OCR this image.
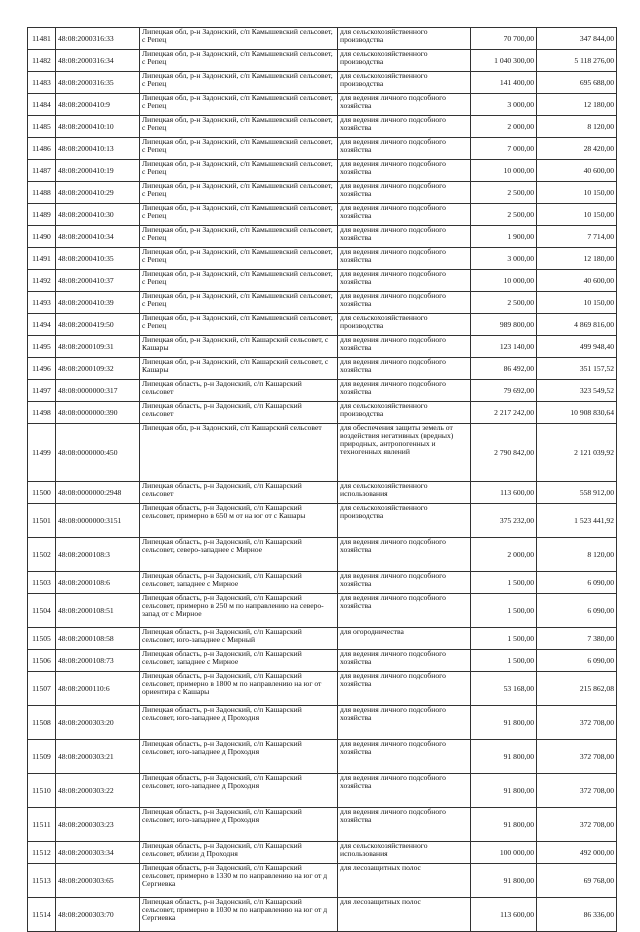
11481	48:08:2000316:33	Липецкая обл, р-н Задонский, с/п Камышевский сельсовет, с Репец	для сельскохозяйственного производства	70 700,00	347 844,00
11482	48:08:2000316:34	Липецкая обл, р-н Задонский, с/п Камышевский сельсовет, с Репец	для сельскохозяйственного производства	1 040 300,00	5 118 276,00
11483	48:08:2000316:35	Липецкая обл, р-н Задонский, с/п Камышевский сельсовет, с Репец	для сельскохозяйственного производства	141 400,00	695 688,00
11484	48:08:2000410:9	Липецкая обл, р-н Задонский, с/п Камышевский сельсовет, с Репец	для ведения личного подсобного хозяйства	3 000,00	12 180,00
11485	48:08:2000410:10	Липецкая обл, р-н Задонский, с/п Камышевский сельсовет, с Репец	для ведения личного подсобного хозяйства	2 000,00	8 120,00
11486	48:08:2000410:13	Липецкая обл, р-н Задонский, с/п Камышевский сельсовет, с Репец	для ведения личного подсобного хозяйства	7 000,00	28 420,00
11487	48:08:2000410:19	Липецкая обл, р-н Задонский, с/п Камышевский сельсовет, с Репец	для ведения личного подсобного хозяйства	10 000,00	40 600,00
11488	48:08:2000410:29	Липецкая обл, р-н Задонский, с/п Камышевский сельсовет, с Репец	для ведения личного подсобного хозяйства	2 500,00	10 150,00
11489	48:08:2000410:30	Липецкая обл, р-н Задонский, с/п Камышевский сельсовет, с Репец	для ведения личного подсобного хозяйства	2 500,00	10 150,00
11490	48:08:2000410:34	Липецкая обл, р-н Задонский, с/п Камышевский сельсовет, с Репец	для ведения личного подсобного хозяйства	1 900,00	7 714,00
11491	48:08:2000410:35	Липецкая обл, р-н Задонский, с/п Камышевский сельсовет, с Репец	для ведения личного подсобного хозяйства	3 000,00	12 180,00
11492	48:08:2000410:37	Липецкая обл, р-н Задонский, с/п Камышевский сельсовет, с Репец	для ведения личного подсобного хозяйства	10 000,00	40 600,00
11493	48:08:2000410:39	Липецкая обл, р-н Задонский, с/п Камышевский сельсовет, с Репец	для ведения личного подсобного хозяйства	2 500,00	10 150,00
11494	48:08:2000419:50	Липецкая обл, р-н Задонский, с/п Камышевский сельсовет, с Репец	для сельскохозяйственного производства	989 800,00	4 869 816,00
11495	48:08:2000109:31	Липецкая обл, р-н Задонский, с/п Кашарский сельсовет, с Кашары	для ведения личного подсобного хозяйства	123 140,00	499 948,40
11496	48:08:2000109:32	Липецкая обл, р-н Задонский, с/п Кашарский сельсовет, с Кашары	для ведения личного подсобного хозяйства	86 492,00	351 157,52
11497	48:08:0000000:317	Липецкая область, р-н Задонский, с/п Кашарский сельсовет	для ведения личного подсобного хозяйства	79 692,00	323 549,52
11498	48:08:0000000:390	Липецкая область, р-н Задонский, с/п Кашарский сельсовет	для сельскохозяйственного производства	2 217 242,00	10 908 830,64
11499	48:08:0000000:450	Липецкая обл, р-н Задонский, с/п Кашарский сельсовет	для обеспечения защиты земель от воздействия негативных (вредных) природных, антропогенных и техногенных явлений	2 790 842,00	2 121 039,92
11500	48:08:0000000:2948	Липецкая область, р-н Задонский, с/п Кашарский сельсовет	для сельскохозяйственного использования	113 600,00	558 912,00
11501	48:08:0000000:3151	Липецкая область, р-н Задонский, с/п Кашарский сельсовет, примерно в 650 м от на юг от с Кашары	для сельскохозяйственного производства	375 232,00	1 523 441,92
11502	48:08:2000108:3	Липецкая область, р-н Задонский, с/п Кашарский сельсовет, северо-западнее с Мирное	для ведения личного подсобного хозяйства	2 000,00	8 120,00
11503	48:08:2000108:6	Липецкая область, р-н Задонский, с/п Кашарский сельсовет, западнее с Мирное	для ведения личного подсобного хозяйства	1 500,00	6 090,00
11504	48:08:2000108:51	Липецкая область, р-н Задонский, с/п Кашарский сельсовет, примерно в 250 м по направлению на северо-запад от с Мирное	для ведения личного подсобного хозяйства	1 500,00	6 090,00
11505	48:08:2000108:58	Липецкая область, р-н Задонский, с/п Кашарский сельсовет, юго-западнее с Мирный	для огородничества	1 500,00	7 380,00
11506	48:08:2000108:73	Липецкая область, р-н Задонский, с/п Кашарский сельсовет, западнее с Мирное	для ведения личного подсобного хозяйства	1 500,00	6 090,00
11507	48:08:2000110:6	Липецкая область, р-н Задонский, с/п Кашарский сельсовет, примерно в 1800 м по направлению на юг от ориентира с Кашары	для ведения личного подсобного хозяйства	53 168,00	215 862,08
11508	48:08:2000303:20	Липецкая область, р-н Задонский, с/п Кашарский сельсовет, юго-западнее д Проходня	для ведения личного подсобного хозяйства	91 800,00	372 708,00
11509	48:08:2000303:21	Липецкая область, р-н Задонский, с/п Кашарский сельсовет, юго-западнее д Проходня	для ведения личного подсобного хозяйства	91 800,00	372 708,00
11510	48:08:2000303:22	Липецкая область, р-н Задонский, с/п Кашарский сельсовет, юго-западнее д Проходня	для ведения личного подсобного хозяйства	91 800,00	372 708,00
11511	48:08:2000303:23	Липецкая область, р-н Задонский, с/п Кашарский сельсовет, юго-западнее д Проходня	для ведения личного подсобного хозяйства	91 800,00	372 708,00
11512	48:08:2000303:34	Липецкая область, р-н Задонский, с/п Кашарский сельсовет, вблизи д Проходня	для сельскохозяйственного использования	100 000,00	492 000,00
11513	48:08:2000303:65	Липецкая область, р-н Задонский, с/п Кашарский сельсовет, примерно в 1330 м по направлению на юг от д Сергиевка	для лесозащитных полос	91 800,00	69 768,00
11514	48:08:2000303:70	Липецкая область, р-н Задонский, с/п Кашарский сельсовет, примерно в 1030 м по направлению на юг от д Сергиевка	для лесозащитных полос	113 600,00	86 336,00
